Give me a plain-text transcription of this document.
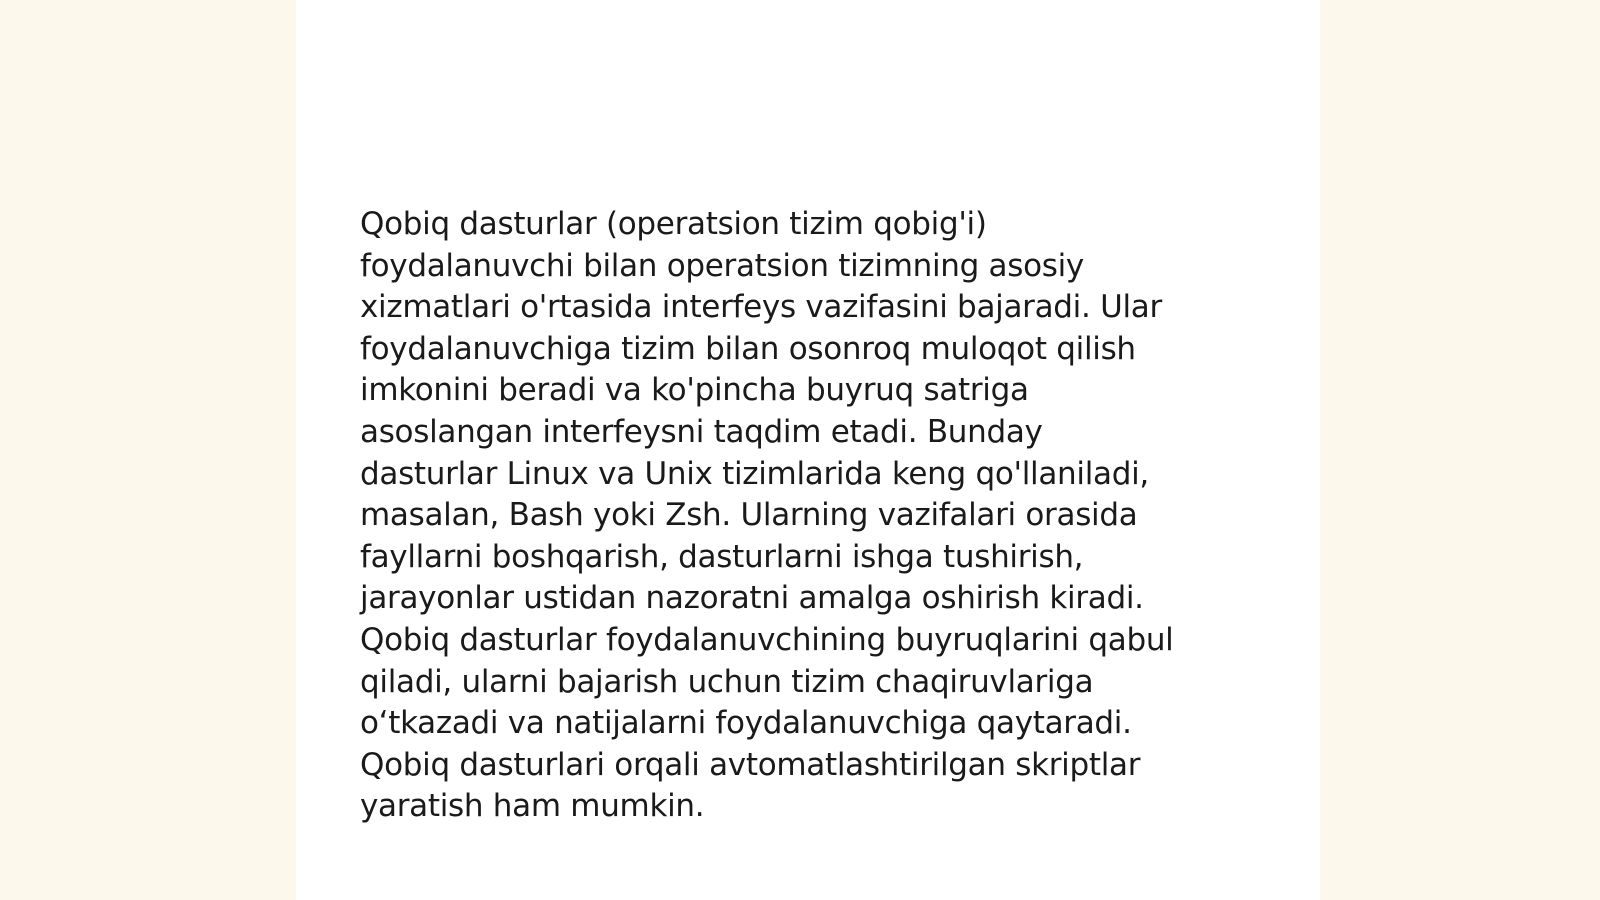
Qobiq dasturlar (operatsion tizim qobig'i)
foydalanuvchi bilan operatsion tizimning asosiy
xizmatlari o'rtasida interfeys vazifasini bajaradi. Ular
foydalanuvchiga tizim bilan osonroq muloqot qilish
imkonini beradi va ko'pincha buyruq satriga
asoslangan interfeysni taqdim etadi. Bunday
dasturlar Linux va Unix tizimlarida keng qo'llaniladi,
masalan, Bash yoki Zsh. Ularning vazifalari orasida
fayllarni boshqarish, dasturlarni ishga tushirish,
jarayonlar ustidan nazoratni amalga oshirish kiradi.
Qobiq dasturlar foydalanuvchining buyruqlarini qabul
qiladi, ularni bajarish uchun tizim chaqiruvlariga
o‘tkazadi va natijalarni foydalanuvchiga qaytaradi.
Qobiq dasturlari orqali avtomatlashtirilgan skriptlar
yaratish ham mumkin.
